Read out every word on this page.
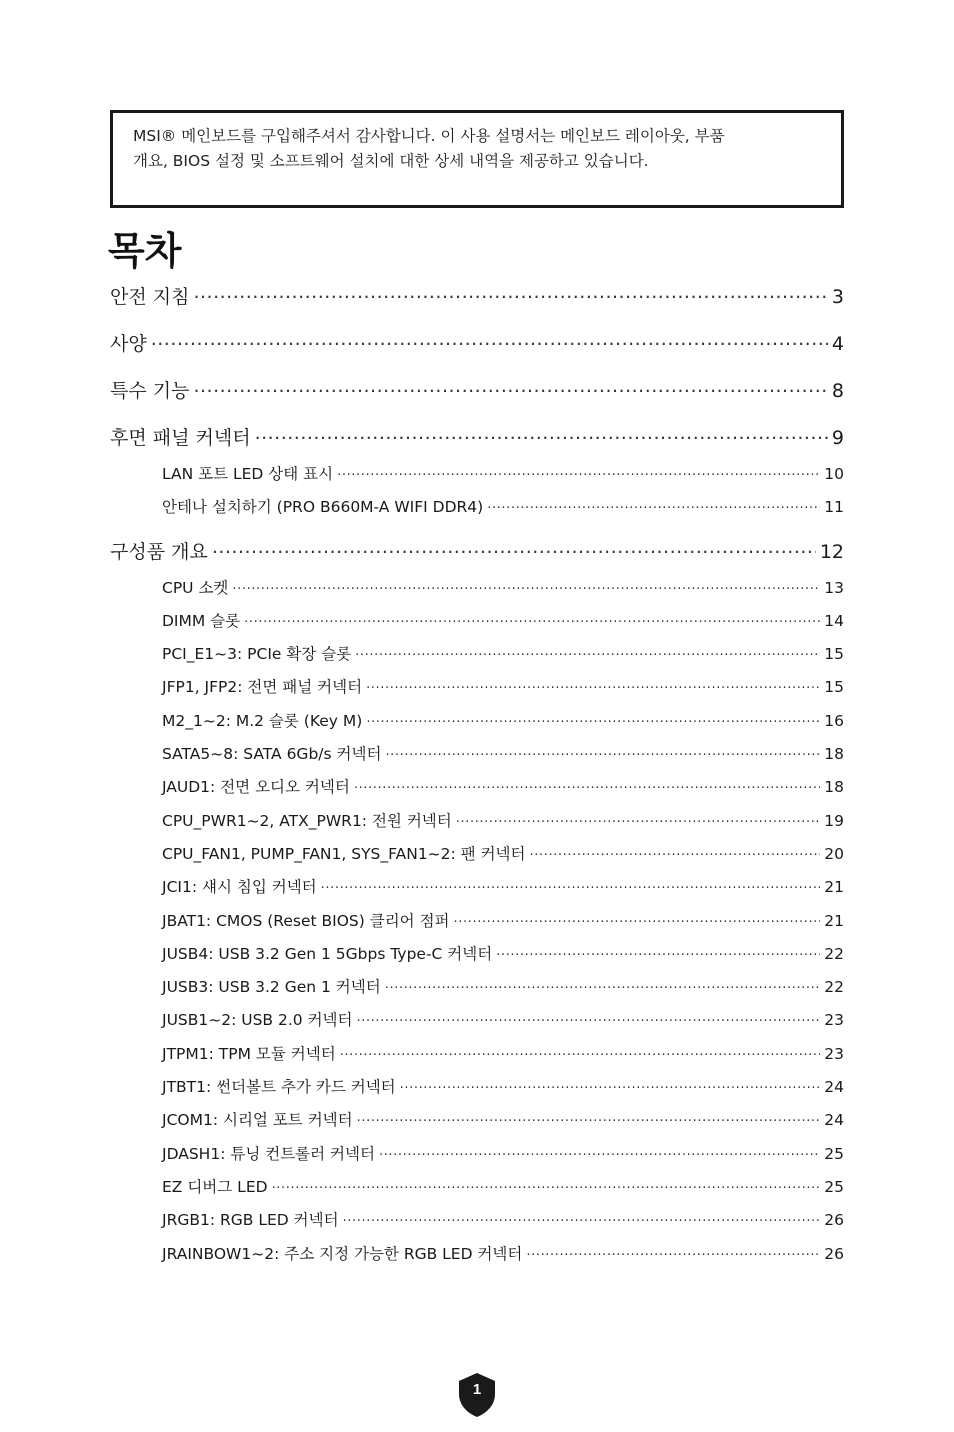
MSI® 메인보드를 구입해주셔서 감사합니다. 이 사용 설명서는 메인보드 레이아웃, 부품

개요, BIOS 설정 및 소프트웨어 설치에 대한 상세 내역을 제공하고 있습니다.

목차
안전 지침 .....	3
사양 .....	4
특수 기능 .....	8
후면 패널 커넥터 .....	9
LAN 포트 LED 상태 표시 .....	10
안테나 설치하기 (PRO B660M-A WIFI DDR4) .....	11
구성품 개요 .....	12
CPU 소켓 .....	13
DIMM 슬롯 .....	14
PCI_E1~3: PCIe 확장 슬롯 .....	15
JFP1, JFP2: 전면 패널 커넥터 .....	15
M2_1~2: M.2 슬롯 (Key M) .....	16
SATA5~8: SATA 6Gb/s 커넥터 .....	18
JAUD1: 전면 오디오 커넥터 .....	18
CPU_PWR1~2, ATX_PWR1: 전원 커넥터 .....	19
CPU_FAN1, PUMP_FAN1, SYS_FAN1~2: 팬 커넥터 .....	20
JCI1: 섀시 침입 커넥터 .....	21
JBAT1: CMOS (Reset BIOS) 클리어 점퍼 .....	21
JUSB4: USB 3.2 Gen 1 5Gbps Type-C 커넥터 .....	22
JUSB3: USB 3.2 Gen 1 커넥터 .....	22
JUSB1~2: USB 2.0 커넥터 .....	23
JTPM1: TPM 모듈 커넥터 .....	23
JTBT1: 썬더볼트 추가 카드 커넥터 .....	24
JCOM1: 시리얼 포트 커넥터 .....	24
JDASH1: 튜닝 컨트롤러 커넥터 .....	25
EZ 디버그 LED .....	25
JRGB1: RGB LED 커넥터 .....	26
JRAINBOW1~2: 주소 지정 가능한 RGB LED 커넥터 .....	26
1
